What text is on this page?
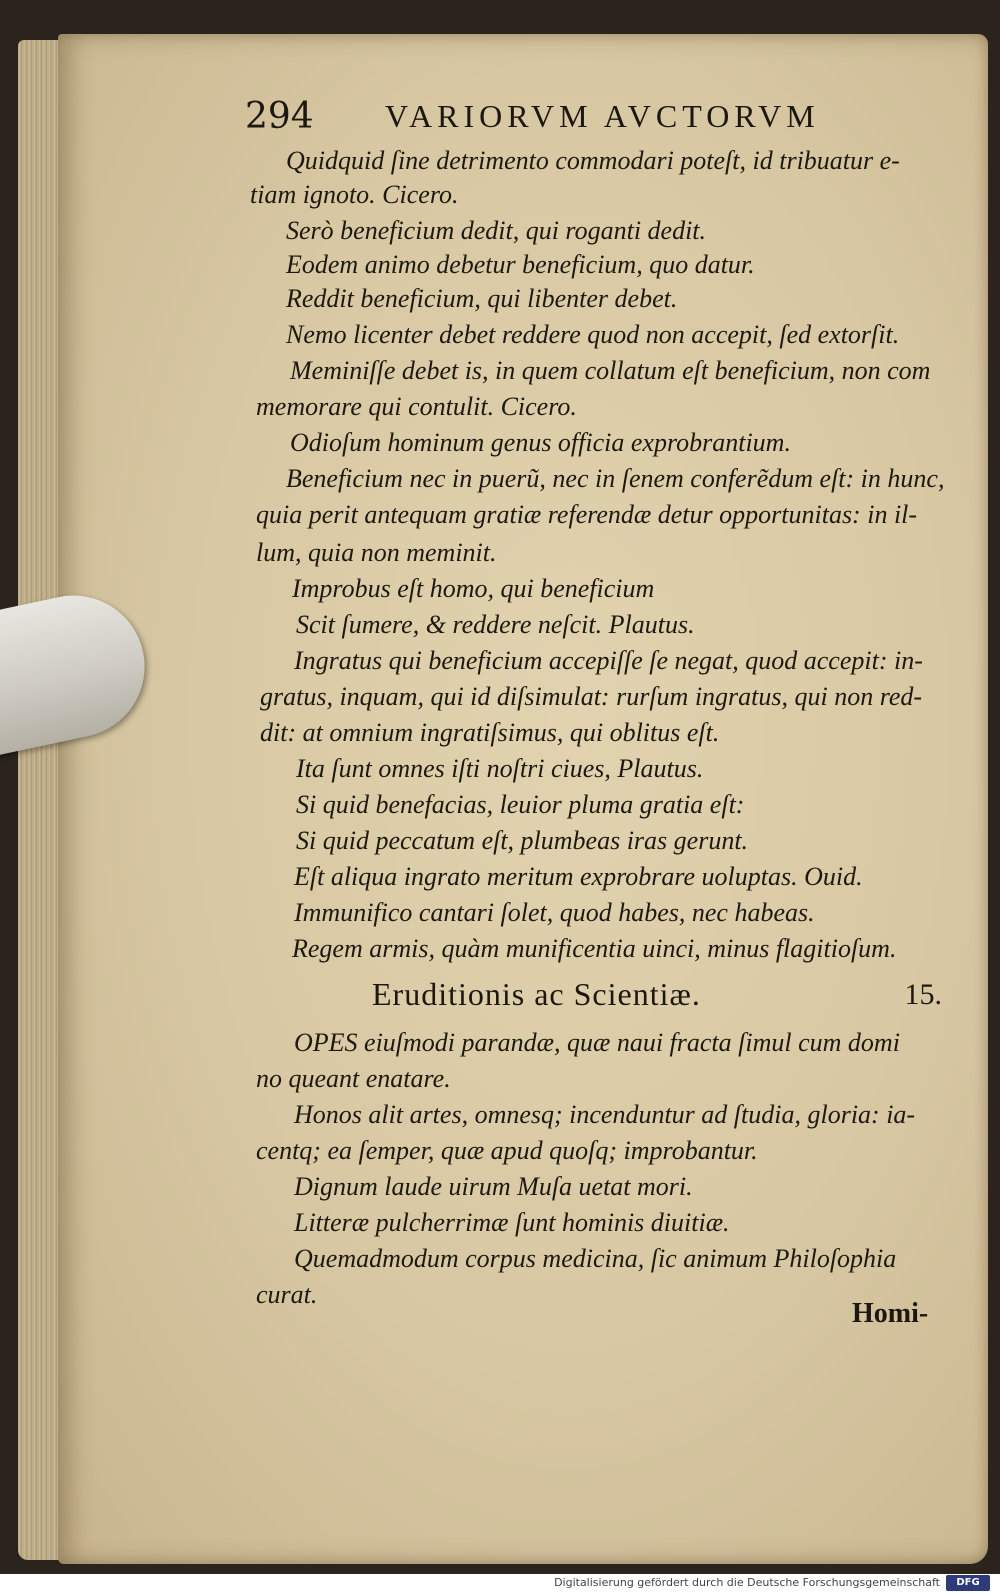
294 VARIORVM AVCTORVM
Quidquid ſine detrimento commodari poteſt, id tribuatur e-
tiam ignoto. Cicero.
Serò beneficium dedit, qui roganti dedit.
Eodem animo debetur beneficium, quo datur.
Reddit beneficium, qui libenter debet.
Nemo licenter debet reddere quod non accepit, ſed extorſit.
Meminiſſe debet is, in quem collatum eſt beneficium, non com
memorare qui contulit. Cicero.
Odioſum hominum genus officia exprobrantium.
Beneficium nec in puerũ, nec in ſenem conferẽdum eſt: in hunc,
quia perit antequam gratiæ referendæ detur opportunitas: in il-
lum, quia non meminit.
Improbus eſt homo, qui beneficium
Scit ſumere, & reddere neſcit. Plautus.
Ingratus qui beneficium accepiſſe ſe negat, quod accepit: in-
gratus, inquam, qui id diſsimulat: rurſum ingratus, qui non red-
dit: at omnium ingratiſsimus, qui oblitus eſt.
Ita ſunt omnes iſti noſtri ciues, Plautus.
Si quid benefacias, leuior pluma gratia eſt:
Si quid peccatum eſt, plumbeas iras gerunt.
Eſt aliqua ingrato meritum exprobrare uoluptas. Ouid.
Immunifico cantari ſolet, quod habes, nec habeas.
Regem armis, quàm munificentia uinci, minus flagitioſum.
Eruditionis ac Scientiæ.	15.
OPES eiuſmodi parandæ, quæ naui fracta ſimul cum domi
no queant enatare.
Honos alit artes, omnesq; incenduntur ad ſtudia, gloria: ia-
centq; ea ſemper, quæ apud quoſq; improbantur.
Dignum laude uirum Muſa uetat mori.
Litteræ pulcherrimæ ſunt hominis diuitiæ.
Quemadmodum corpus medicina, ſic animum Philoſophia
curat.
Homi-
Digitalisierung gefördert durch die Deutsche Forschungsgemeinschaft	DFG
